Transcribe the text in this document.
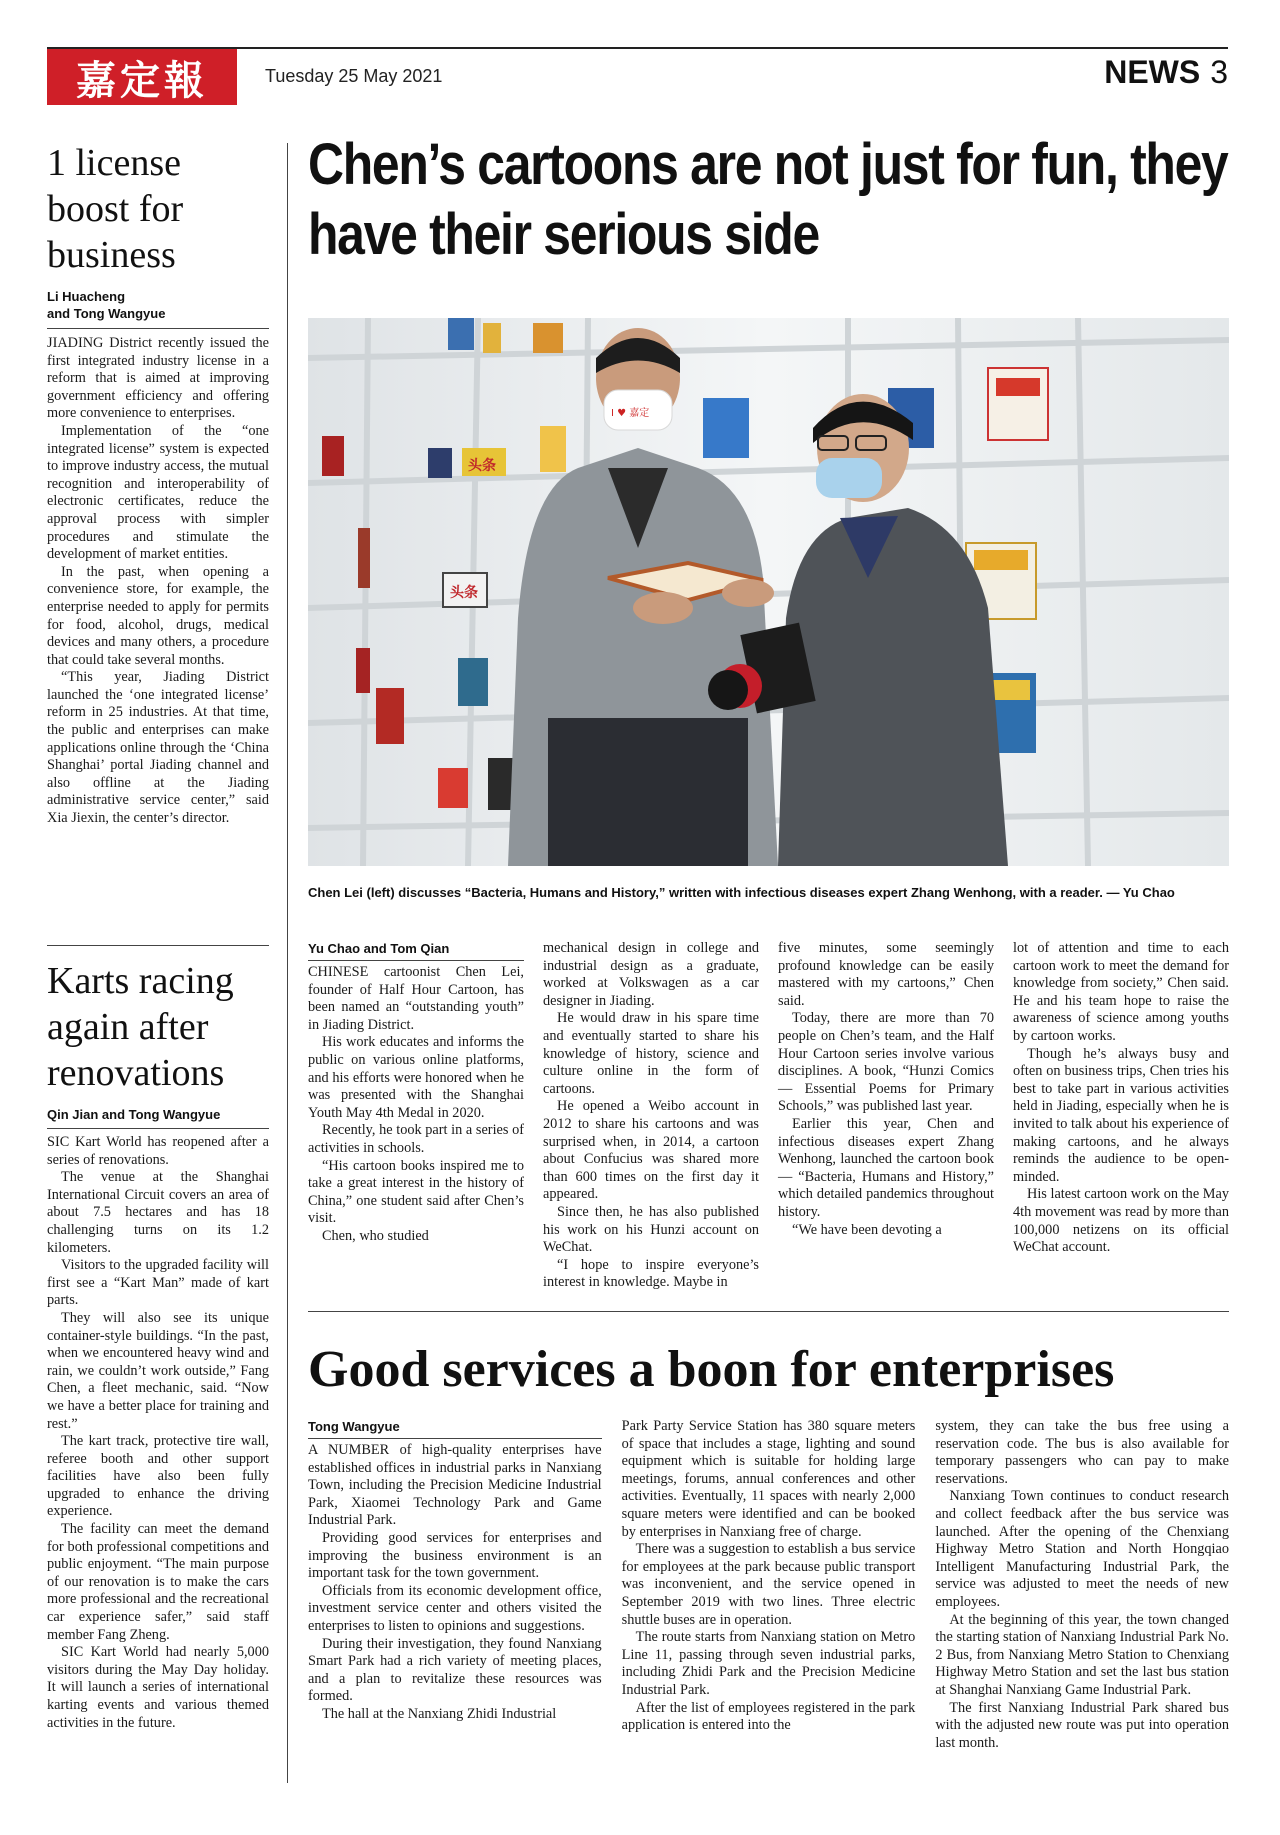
嘉定報	Tuesday 25 May 2021	NEWS 3
1 license boost for business
Li Huacheng
and Tong Wangyue

JIADING District recently issued the first integrated industry license in a reform that is aimed at improving government efficiency and offering more convenience to enterprises.

Implementation of the “one integrated license” system is expected to improve industry access, the mutual recognition and interoperability of electronic certificates, reduce the approval process with simpler procedures and stimulate the development of market entities.

In the past, when opening a convenience store, for example, the enterprise needed to apply for permits for food, alcohol, drugs, medical devices and many others, a procedure that could take several months.

“This year, Jiading District launched the ‘one integrated license’ reform in 25 industries. At that time, the public and enterprises can make applications online through the ‘China Shanghai’ portal Jiading channel and also offline at the Jiading administrative service center,” said Xia Jiexin, the center’s director.

Karts racing again after renovations
Qin Jian and Tong Wangyue

SIC Kart World has reopened after a series of renovations.

The venue at the Shanghai International Circuit covers an area of about 7.5 hectares and has 18 challenging turns on its 1.2 kilometers.

Visitors to the upgraded facility will first see a “Kart Man” made of kart parts.

They will also see its unique container-style buildings. “In the past, when we encountered heavy wind and rain, we couldn’t work outside,” Fang Chen, a fleet mechanic, said. “Now we have a better place for training and rest.”

The kart track, protective tire wall, referee booth and other support facilities have also been fully upgraded to enhance the driving experience.

The facility can meet the demand for both professional competitions and public enjoyment. “The main purpose of our renovation is to make the cars more professional and the recreational car experience safer,” said staff member Fang Zheng.

SIC Kart World had nearly 5,000 visitors during the May Day holiday. It will launch a series of international karting events and various themed activities in the future.

Chen’s cartoons are not just for fun, they have their serious side
头条
头条
I ♥ 嘉定
Chen Lei (left) discusses “Bacteria, Humans and History,” written with infectious diseases expert Zhang Wenhong, with a reader. — Yu Chao
Yu Chao and Tom Qian

CHINESE cartoonist Chen Lei, founder of Half Hour Cartoon, has been named an “outstanding youth” in Jiading District.

His work educates and informs the public on various online platforms, and his efforts were honored when he was presented with the Shanghai Youth May 4th Medal in 2020.

Recently, he took part in a series of activities in schools.

“His cartoon books inspired me to take a great interest in the history of China,” one student said after Chen’s visit.

Chen, who studied

mechanical design in college and industrial design as a graduate, worked at Volkswagen as a car designer in Jiading.

He would draw in his spare time and eventually started to share his knowledge of history, science and culture online in the form of cartoons.

He opened a Weibo account in 2012 to share his cartoons and was surprised when, in 2014, a cartoon about Confucius was shared more than 600 times on the first day it appeared.

Since then, he has also published his work on his Hunzi account on WeChat.

“I hope to inspire everyone’s interest in knowledge. Maybe in

five minutes, some seemingly profound knowledge can be easily mastered with my cartoons,” Chen said.

Today, there are more than 70 people on Chen’s team, and the Half Hour Cartoon series involve various disciplines. A book, “Hunzi Comics — Essential Poems for Primary Schools,” was published last year.

Earlier this year, Chen and infectious diseases expert Zhang Wenhong, launched the cartoon book — “Bacteria, Humans and History,” which detailed pandemics throughout history.

“We have been devoting a

lot of attention and time to each cartoon work to meet the demand for knowledge from society,” Chen said. He and his team hope to raise the awareness of science among youths by cartoon works.

Though he’s always busy and often on business trips, Chen tries his best to take part in various activities held in Jiading, especially when he is invited to talk about his experience of making cartoons, and he always reminds the audience to be open-minded.

His latest cartoon work on the May 4th movement was read by more than 100,000 netizens on its official WeChat account.

Good services a boon for enterprises
Tong Wangyue

A NUMBER of high-quality enterprises have established offices in industrial parks in Nanxiang Town, including the Precision Medicine Industrial Park, Xiaomei Technology Park and Game Industrial Park.

Providing good services for enterprises and improving the business environment is an important task for the town government.

Officials from its economic development office, investment service center and others visited the enterprises to listen to opinions and suggestions.

During their investigation, they found Nanxiang Smart Park had a rich variety of meeting places, and a plan to revitalize these resources was formed.

The hall at the Nanxiang Zhidi Industrial

Park Party Service Station has 380 square meters of space that includes a stage, lighting and sound equipment which is suitable for holding large meetings, forums, annual conferences and other activities. Eventually, 11 spaces with nearly 2,000 square meters were identified and can be booked by enterprises in Nanxiang free of charge.

There was a suggestion to establish a bus service for employees at the park because public transport was inconvenient, and the service opened in September 2019 with two lines. Three electric shuttle buses are in operation.

The route starts from Nanxiang station on Metro Line 11, passing through seven industrial parks, including Zhidi Park and the Precision Medicine Industrial Park.

After the list of employees registered in the park application is entered into the

system, they can take the bus free using a reservation code. The bus is also available for temporary passengers who can pay to make reservations.

Nanxiang Town continues to conduct research and collect feedback after the bus service was launched. After the opening of the Chenxiang Highway Metro Station and North Hongqiao Intelligent Manufacturing Industrial Park, the service was adjusted to meet the needs of new employees.

At the beginning of this year, the town changed the starting station of Nanxiang Industrial Park No. 2 Bus, from Nanxiang Metro Station to Chenxiang Highway Metro Station and set the last bus station at Shanghai Nanxiang Game Industrial Park.

The first Nanxiang Industrial Park shared bus with the adjusted new route was put into operation last month.
